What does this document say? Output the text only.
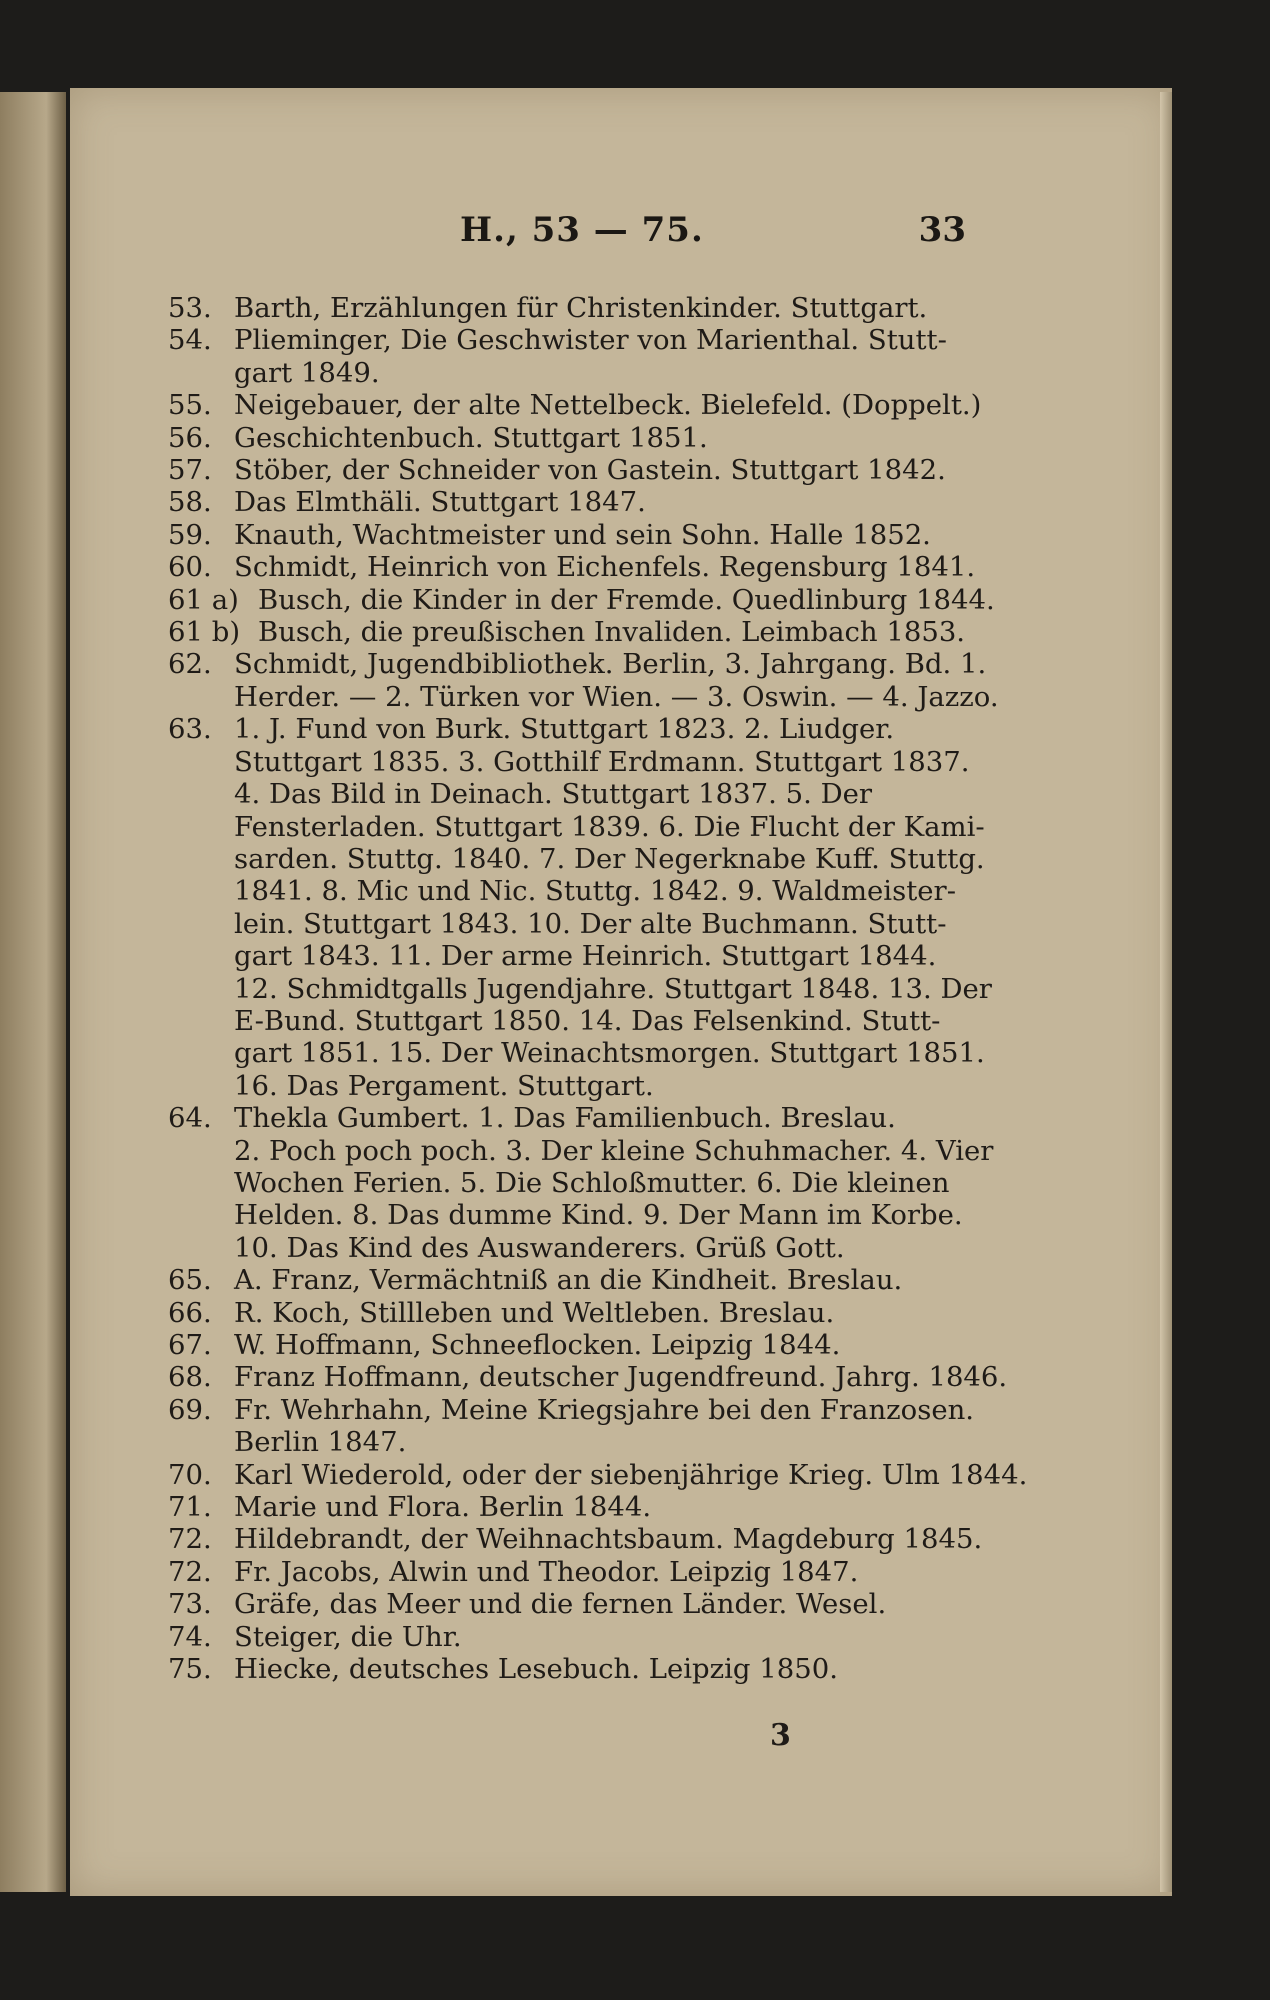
H., 53 — 75.	33
53. Barth, Erzählungen für Christenkinder. Stuttgart.
54. Plieminger, Die Geschwister von Marienthal. Stutt-
gart 1849.
55. Neigebauer, der alte Nettelbeck. Bielefeld. (Doppelt.)
56. Geschichtenbuch. Stuttgart 1851.
57. Stöber, der Schneider von Gastein. Stuttgart 1842.
58. Das Elmthäli. Stuttgart 1847.
59. Knauth, Wachtmeister und sein Sohn. Halle 1852.
60. Schmidt, Heinrich von Eichenfels. Regensburg 1841.
61 a) Busch, die Kinder in der Fremde. Quedlinburg 1844.
61 b) Busch, die preußischen Invaliden. Leimbach 1853.
62. Schmidt, Jugendbibliothek. Berlin, 3. Jahrgang. Bd. 1.
Herder. — 2. Türken vor Wien. — 3. Oswin. — 4. Jazzo.
63. 1. J. Fund von Burk. Stuttgart 1823. 2. Liudger.
Stuttgart 1835. 3. Gotthilf Erdmann. Stuttgart 1837.
4. Das Bild in Deinach. Stuttgart 1837. 5. Der
Fensterladen. Stuttgart 1839. 6. Die Flucht der Kami-
sarden. Stuttg. 1840. 7. Der Negerknabe Kuff. Stuttg.
1841. 8. Mic und Nic. Stuttg. 1842. 9. Waldmeister-
lein. Stuttgart 1843. 10. Der alte Buchmann. Stutt-
gart 1843. 11. Der arme Heinrich. Stuttgart 1844.
12. Schmidtgalls Jugendjahre. Stuttgart 1848. 13. Der
E-Bund. Stuttgart 1850. 14. Das Felsenkind. Stutt-
gart 1851. 15. Der Weinachtsmorgen. Stuttgart 1851.
16. Das Pergament. Stuttgart.
64. Thekla Gumbert. 1. Das Familienbuch. Breslau.
2. Poch poch poch. 3. Der kleine Schuhmacher. 4. Vier
Wochen Ferien. 5. Die Schloßmutter. 6. Die kleinen
Helden. 8. Das dumme Kind. 9. Der Mann im Korbe.
10. Das Kind des Auswanderers. Grüß Gott.
65. A. Franz, Vermächtniß an die Kindheit. Breslau.
66. R. Koch, Stillleben und Weltleben. Breslau.
67. W. Hoffmann, Schneeflocken. Leipzig 1844.
68. Franz Hoffmann, deutscher Jugendfreund. Jahrg. 1846.
69. Fr. Wehrhahn, Meine Kriegsjahre bei den Franzosen.
Berlin 1847.
70. Karl Wiederold, oder der siebenjährige Krieg. Ulm 1844.
71. Marie und Flora. Berlin 1844.
72. Hildebrandt, der Weihnachtsbaum. Magdeburg 1845.
72. Fr. Jacobs, Alwin und Theodor. Leipzig 1847.
73. Gräfe, das Meer und die fernen Länder. Wesel.
74. Steiger, die Uhr.
75. Hiecke, deutsches Lesebuch. Leipzig 1850.
3
